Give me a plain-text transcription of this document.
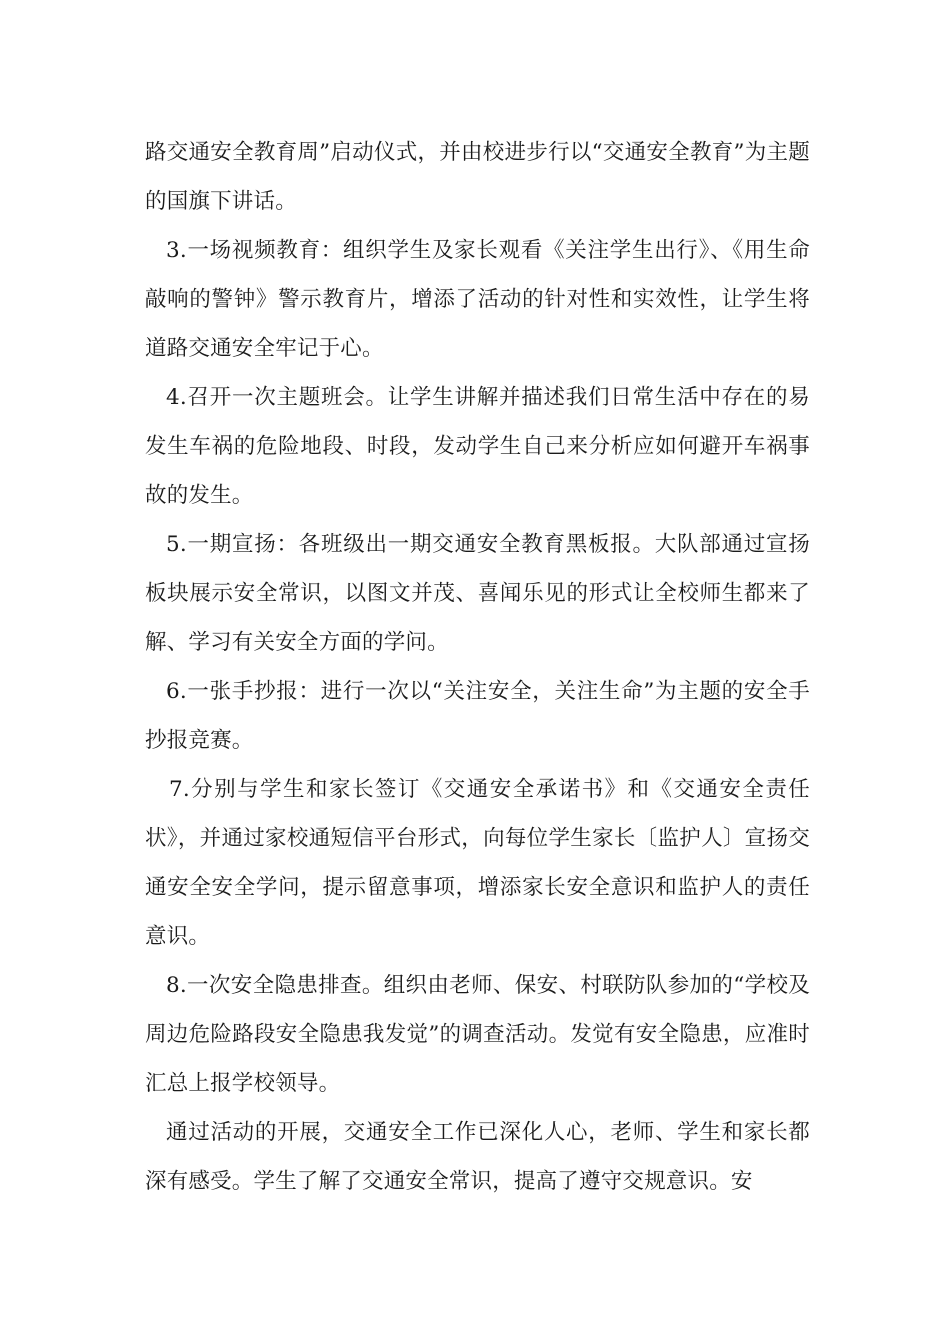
路交通安全教育周”启动仪式，并由校进步行以“交通安全教育”为主题的国旗下讲话。

3.一场视频教育：组织学生及家长观看《关注学生出行》、《用生命敲响的警钟》警示教育片，增添了活动的针对性和实效性，让学生将道路交通安全牢记于心。

4.召开一次主题班会。让学生讲解并描述我们日常生活中存在的易发生车祸的危险地段、时段，发动学生自己来分析应如何避开车祸事故的发生。

5.一期宣扬：各班级出一期交通安全教育黑板报。大队部通过宣扬板块展示安全常识，以图文并茂、喜闻乐见的形式让全校师生都来了解、学习有关安全方面的学问。

6.一张手抄报：进行一次以“关注安全，关注生命”为主题的安全手抄报竞赛。

7.分别与学生和家长签订《交通安全承诺书》和《交通安全责任状》，并通过家校通短信平台形式，向每位学生家长〔监护人〕宣扬交通安全安全学问，提示留意事项，增添家长安全意识和监护人的责任意识。

8.一次安全隐患排查。组织由老师、保安、村联防队参加的“学校及周边危险路段安全隐患我发觉”的调查活动。发觉有安全隐患，应准时汇总上报学校领导。

通过活动的开展，交通安全工作已深化人心，老师、学生和家长都深有感受。学生了解了交通安全常识，提高了遵守交规意识。安
